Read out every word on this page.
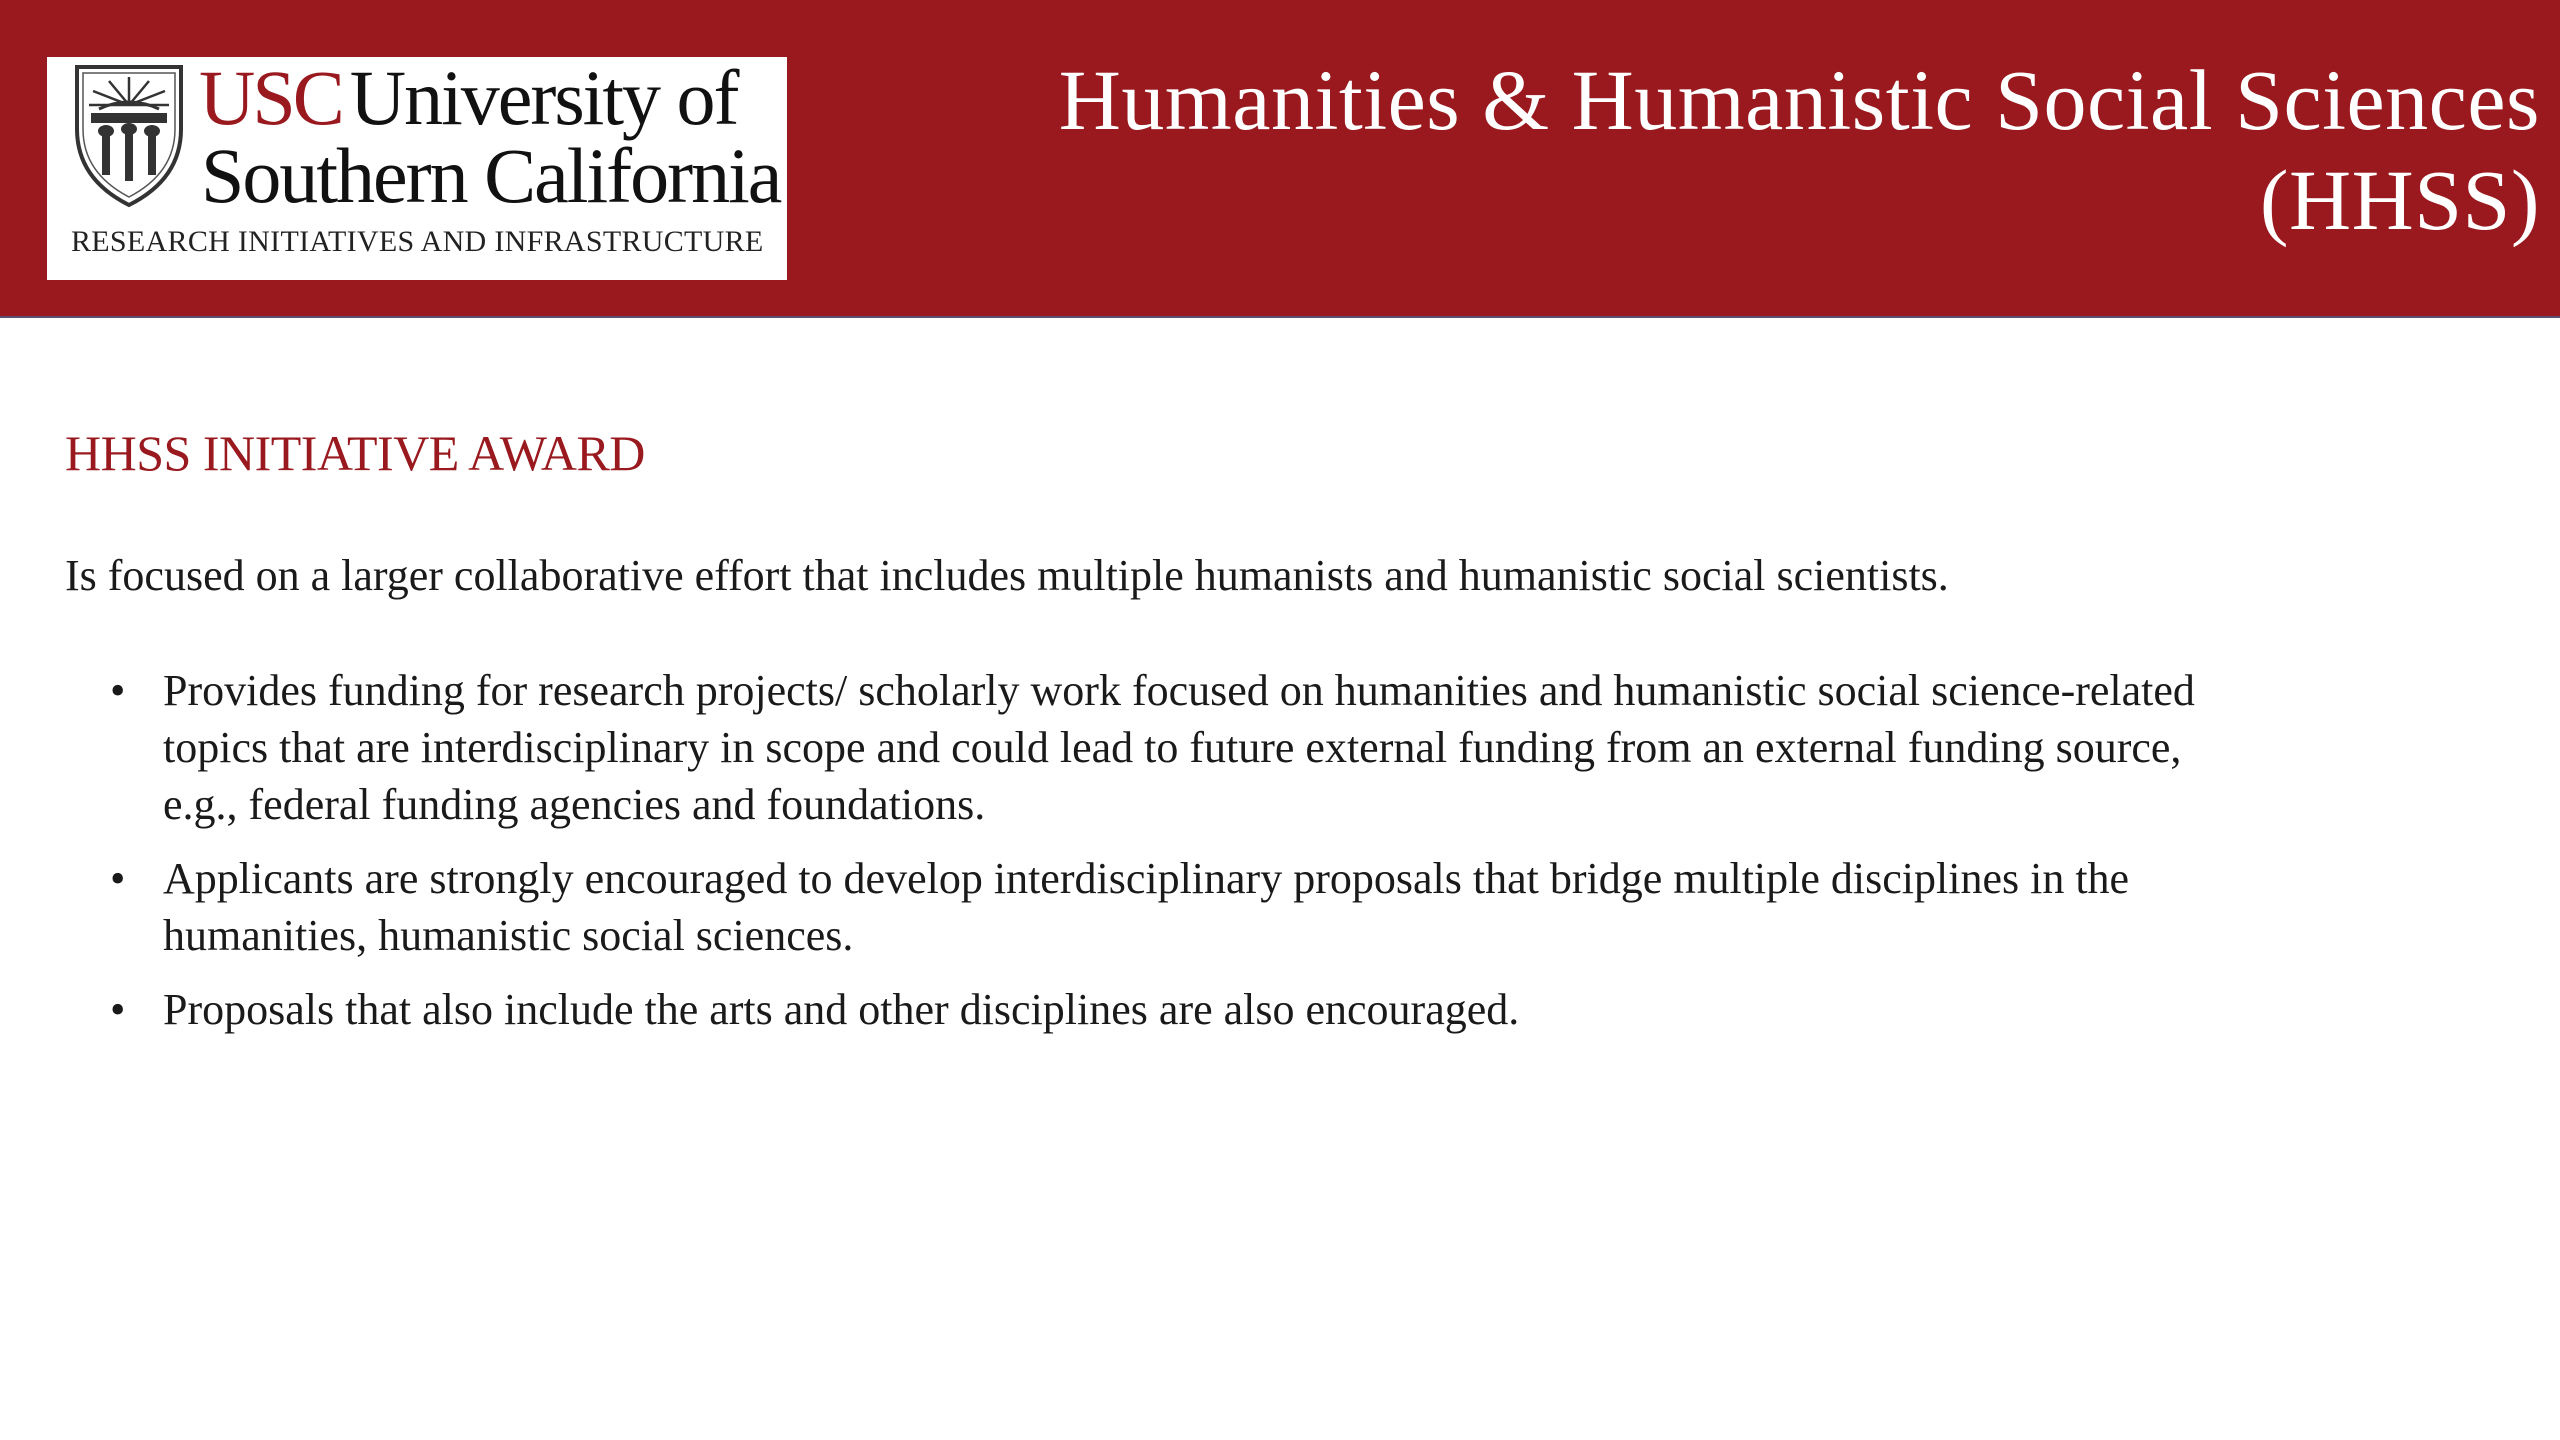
USC University of
Southern California
RESEARCH INITIATIVES AND INFRASTRUCTURE
Humanities & Humanistic Social Sciences
(HHSS)
HHSS INITIATIVE AWARD

Is focused on a larger collaborative effort that includes multiple humanists and humanistic social scientists.

• Provides funding for research projects/ scholarly work focused on humanities and humanistic social science-related
topics that are interdisciplinary in scope and could lead to future external funding from an external funding source,
e.g., federal funding agencies and foundations.
• Applicants are strongly encouraged to develop interdisciplinary proposals that bridge multiple disciplines in the
humanities, humanistic social sciences.
• Proposals that also include the arts and other disciplines are also encouraged.
